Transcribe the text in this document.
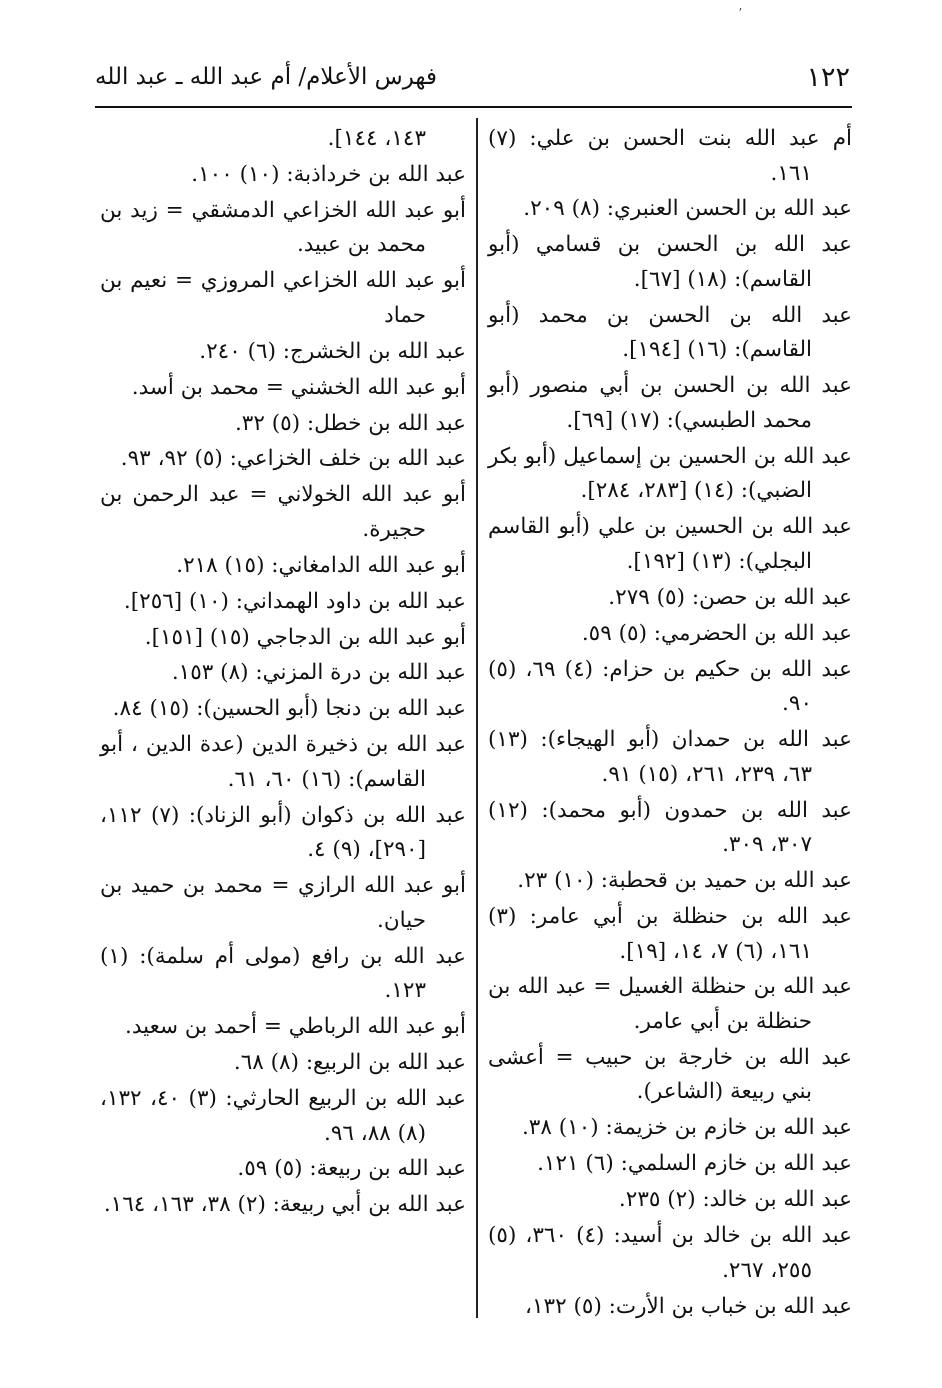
ʼ
١٢٢
فهرس الأعلام/ أم عبد الله ـ عبد الله

أم عبد الله بنت الحسن بن علي: (٧) ١٦١.

عبد الله بن الحسن العنبري: (٨) ٢٠٩.

عبد الله بن الحسن بن قسامي (أبو القاسم): (١٨) [٦٧].

عبد الله بن الحسن بن محمد (أبو القاسم): (١٦) [١٩٤].

عبد الله بن الحسن بن أبي منصور (أبو محمد الطبسي): (١٧) [٦٩].

عبد الله بن الحسين بن إسماعيل (أبو بكر الضبي): (١٤) [٢٨٣، ٢٨٤].

عبد الله بن الحسين بن علي (أبو القاسم البجلي): (١٣) [١٩٢].

عبد الله بن حصن: (٥) ٢٧٩.

عبد الله بن الحضرمي: (٥) ٥٩.

عبد الله بن حكيم بن حزام: (٤) ٦٩، (٥) ٩٠.

عبد الله بن حمدان (أبو الهيجاء): (١٣) ٦٣، ٢٣٩، ٢٦١، (١٥) ٩١.

عبد الله بن حمدون (أبو محمد): (١٢) ٣٠٧، ٣٠٩.

عبد الله بن حميد بن قحطبة: (١٠) ٢٣.

عبد الله بن حنظلة بن أبي عامر: (٣) ١٦١، (٦) ٧، ١٤، [١٩].

عبد الله بن حنظلة الغسيل = عبد الله بن حنظلة بن أبي عامر.

عبد الله بن خارجة بن حبيب = أعشى بني ربيعة (الشاعر).

عبد الله بن خازم بن خزيمة: (١٠) ٣٨.

عبد الله بن خازم السلمي: (٦) ١٢١.

عبد الله بن خالد: (٢) ٢٣٥.

عبد الله بن خالد بن أسيد: (٤) ٣٦٠، (٥) ٢٥٥، ٢٦٧.

عبد الله بن خباب بن الأرت: (٥) ١٣٢،

١٤٣، ١٤٤].

عبد الله بن خرداذبة: (١٠) ١٠٠.

أبو عبد الله الخزاعي الدمشقي = زيد بن محمد بن عبيد.

أبو عبد الله الخزاعي المروزي = نعيم بن حماد

عبد الله بن الخشرج: (٦) ٢٤٠.

أبو عبد الله الخشني = محمد بن أسد.

عبد الله بن خطل: (٥) ٣٢.

عبد الله بن خلف الخزاعي: (٥) ٩٢، ٩٣.

أبو عبد الله الخولاني = عبد الرحمن بن حجيرة.

أبو عبد الله الدامغاني: (١٥) ٢١٨.

عبد الله بن داود الهمداني: (١٠) [٢٥٦].

أبو عبد الله بن الدجاجي (١٥) [١٥١].

عبد الله بن درة المزني: (٨) ١٥٣.

عبد الله بن دنجا (أبو الحسين): (١٥) ٨٤.

عبد الله بن ذخيرة الدين (عدة الدين ، أبو القاسم): (١٦) ٦٠، ٦١.

عبد الله بن ذكوان (أبو الزناد): (٧) ١١٢، [٢٩٠]، (٩) ٤.

أبو عبد الله الرازي = محمد بن حميد بن حيان.

عبد الله بن رافع (مولى أم سلمة): (١) ١٢٣.

أبو عبد الله الرباطي = أحمد بن سعيد.

عبد الله بن الربيع: (٨) ٦٨.

عبد الله بن الربيع الحارثي: (٣) ٤٠، ١٣٢، (٨) ٨٨، ٩٦.

عبد الله بن ربيعة: (٥) ٥٩.

عبد الله بن أبي ربيعة: (٢) ٣٨، ١٦٣، ١٦٤.
